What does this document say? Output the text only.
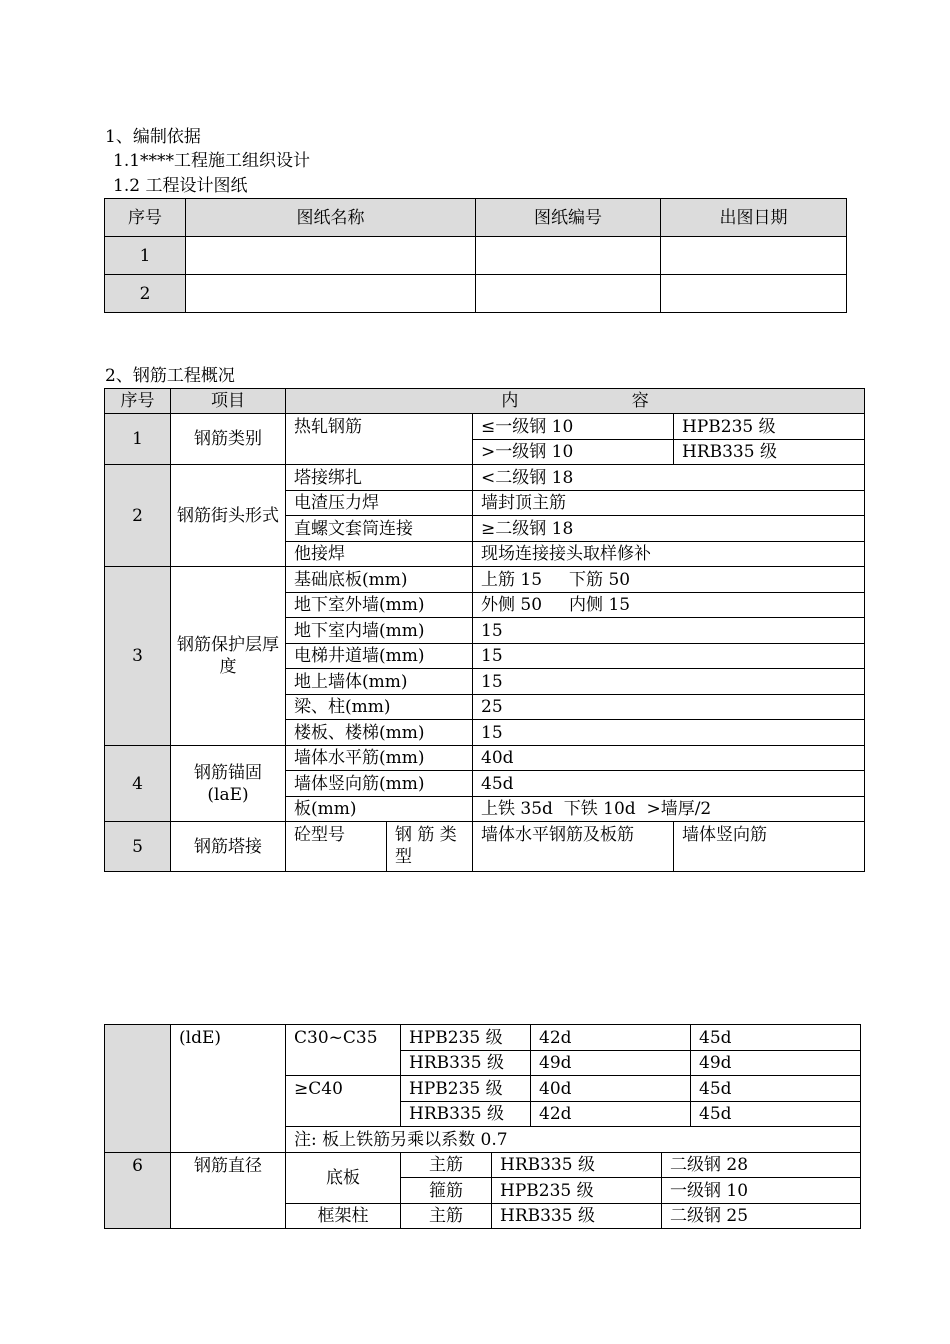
1、编制依据
1.1****工程施工组织设计
1.2 工程设计图纸
序号	图纸名称	图纸编号	出图日期
1			
2			
2、钢筋工程概况
序号	项目	内 容			
1	钢筋类别	热轧钢筋		≤一级钢 10	HPB235 级
				>一级钢 10	HRB335 级
2	钢筋街头形式	塔接绑扎		<二级钢 18	
		电渣压力焊		墙封顶主筋	
		直螺文套筒连接		≥二级钢 18	
		他接焊		现场连接接头取样修补	
3	钢筋保护层厚度	基础底板(mm)		上筋 15     下筋 50	
		地下室外墙(mm)		外侧 50     内侧 15	
		地下室内墙(mm)		15	
		电梯井道墙(mm)		15	
		地上墙体(mm)		15	
		梁、柱(mm)		25	
		楼板、楼梯(mm)		15	
4	钢筋锚固(laE)	墙体水平筋(mm)		40d	
		墙体竖向筋(mm)		45d	
		板(mm)		上铁 35d  下铁 10d  >墙厚/2	
5	钢筋塔接	砼型号	钢 筋 类 型	墙体水平钢筋及板筋	墙体竖向筋
	(ldE)	C30~C35	HPB235 级		42d		45d
			HRB335 级		49d		49d
		≥C40	HPB235 级		40d		45d
			HRB335 级		42d		45d
		注: 板上铁筋另乘以系数 0.7					
6	钢筋直径	底板	主筋	HRB335 级		二级钢 28	
			箍筋	HPB235 级		一级钢 10	
		框架柱	主筋	HRB335 级		二级钢 25	
